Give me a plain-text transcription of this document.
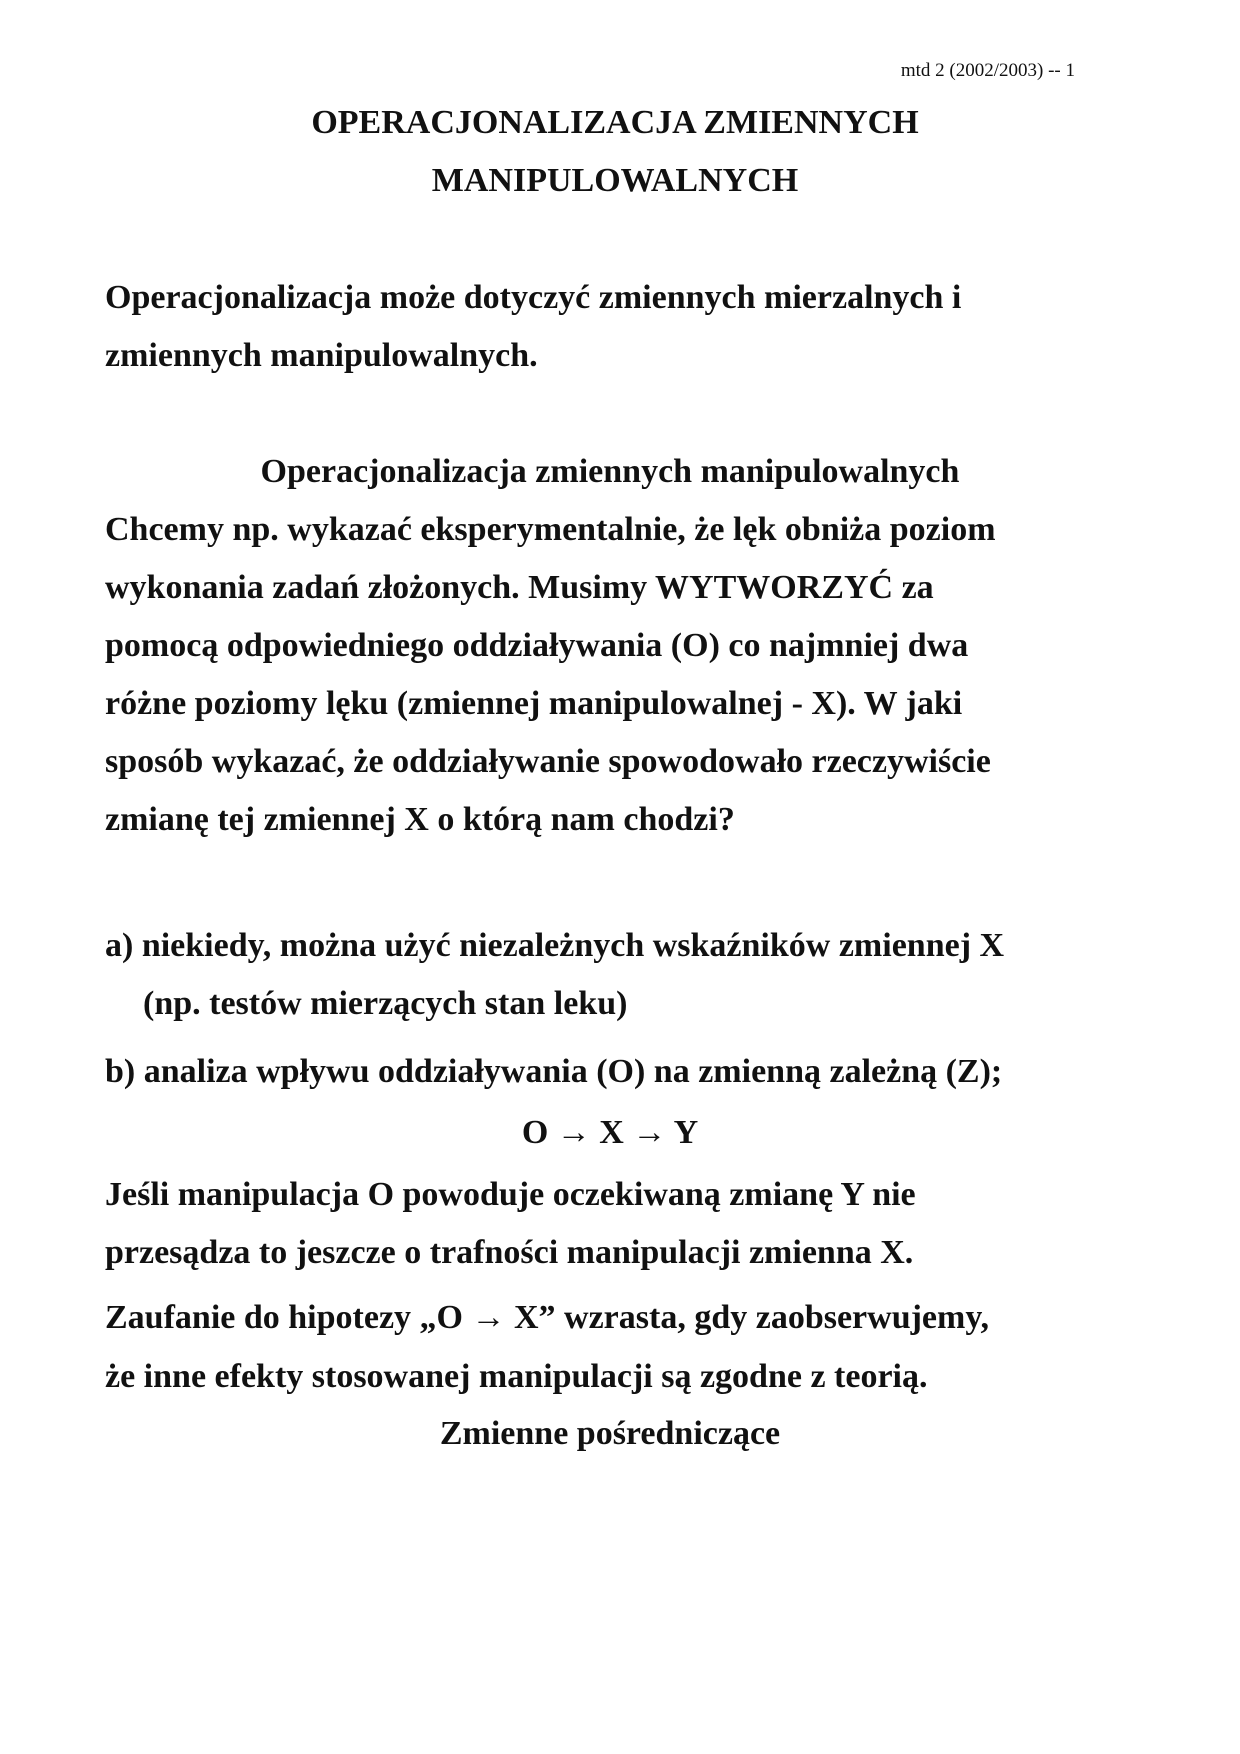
mtd 2 (2002/2003) -- 1
OPERACJONALIZACJA ZMIENNYCH
MANIPULOWALNYCH
Operacjonalizacja może dotyczyć zmiennych mierzalnych i
zmiennych manipulowalnych.
Operacjonalizacja zmiennych manipulowalnych
Chcemy np. wykazać eksperymentalnie, że lęk obniża poziom
wykonania zadań złożonych. Musimy WYTWORZYĆ za
pomocą odpowiedniego oddziaływania (O) co najmniej dwa
różne poziomy lęku (zmiennej manipulowalnej - X). W jaki
sposób wykazać, że oddziaływanie spowodowało rzeczywiście
zmianę tej zmiennej X o którą nam chodzi?
a) niekiedy, można użyć niezależnych wskaźników zmiennej X
(np. testów mierzących stan leku)
b) analiza wpływu oddziaływania (O) na zmienną zależną (Z);
O → X → Y
Jeśli manipulacja O powoduje oczekiwaną zmianę Y nie
przesądza to jeszcze o trafności manipulacji zmienna X.
Zaufanie do hipotezy „O → X” wzrasta, gdy zaobserwujemy,
że inne efekty stosowanej manipulacji są zgodne z teorią.
Zmienne pośredniczące
